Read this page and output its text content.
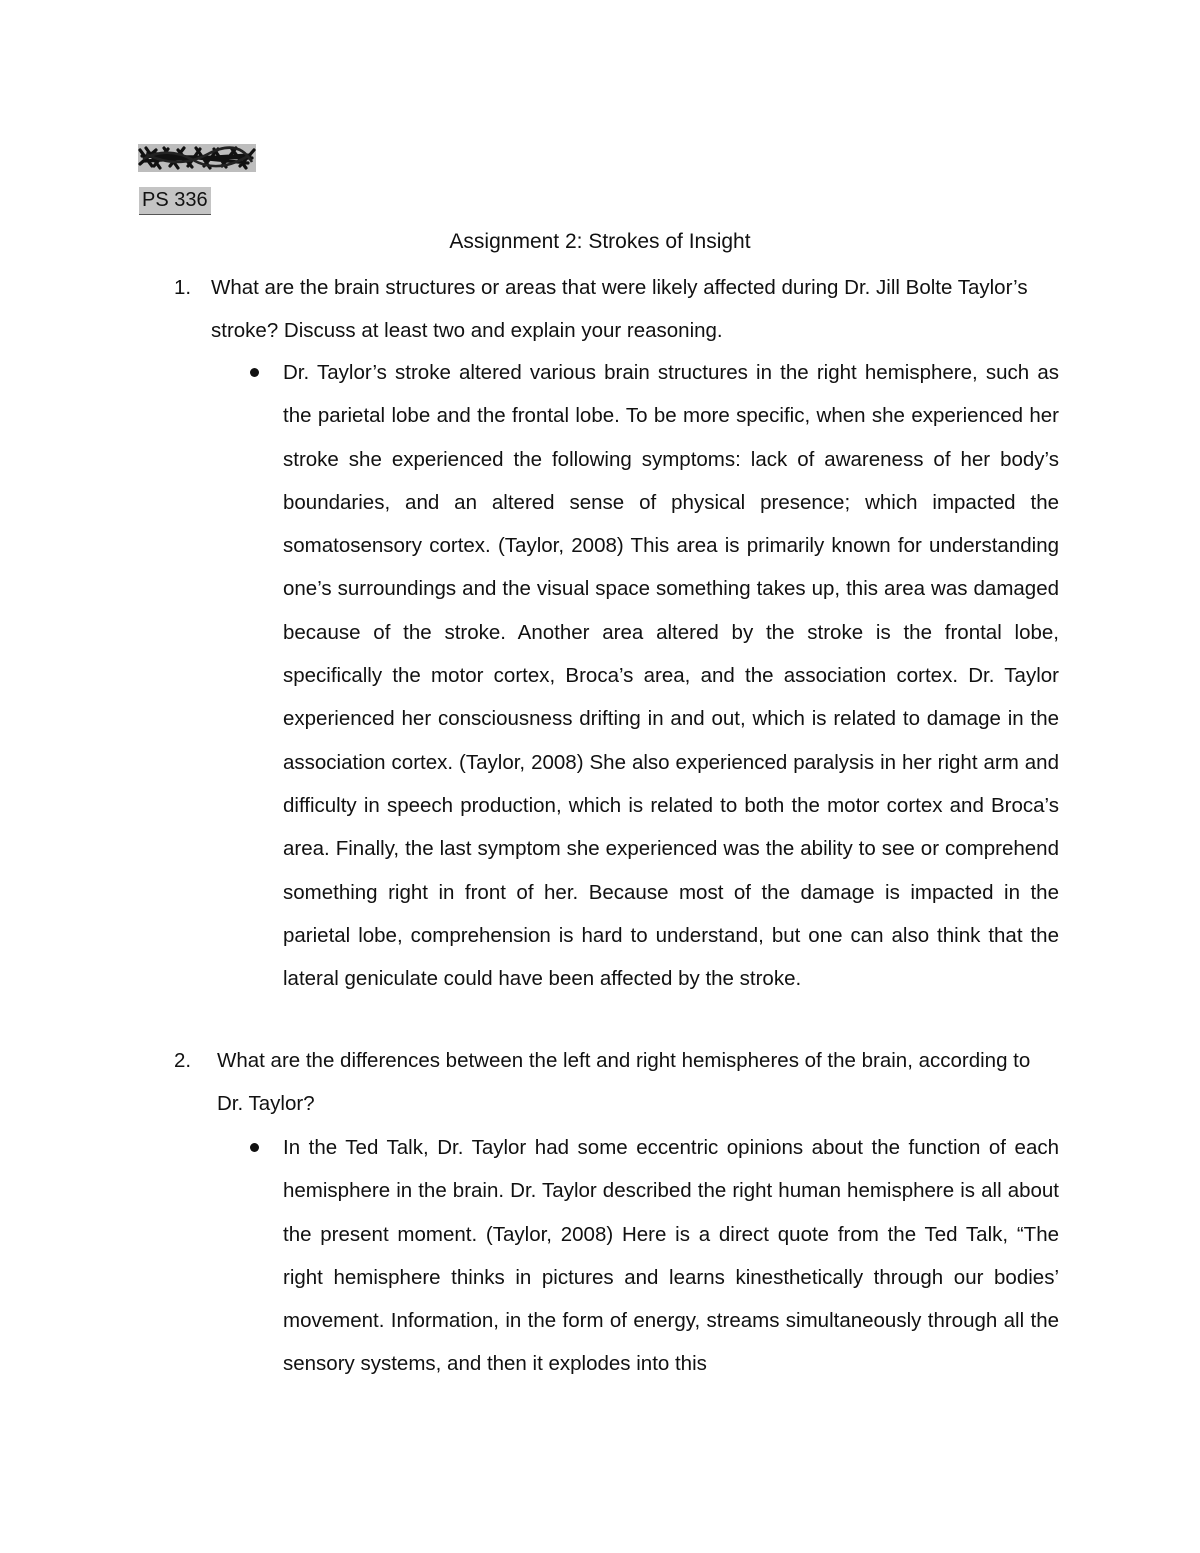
PS 336
Assignment 2: Strokes of Insight
1. What are the brain structures or areas that were likely affected during Dr. Jill Bolte Taylor’s stroke? Discuss at least two and explain your reasoning.
Dr. Taylor’s stroke altered various brain structures in the right hemisphere, such as the parietal lobe and the frontal lobe. To be more specific, when she experienced her stroke she experienced the following symptoms: lack of awareness of her body’s boundaries, and an altered sense of physical presence; which impacted the somatosensory cortex. (Taylor, 2008) This area is primarily known for understanding one’s surroundings and the visual space something takes up, this area was damaged because of the stroke. Another area altered by the stroke is the frontal lobe, specifically the motor cortex, Broca’s area, and the association cortex. Dr. Taylor experienced her consciousness drifting in and out, which is related to damage in the association cortex. (Taylor, 2008) She also experienced paralysis in her right arm and difficulty in speech production, which is related to both the motor cortex and Broca’s area. Finally, the last symptom she experienced was the ability to see or comprehend something right in front of her. Because most of the damage is impacted in the parietal lobe, comprehension is hard to understand, but one can also think that the lateral geniculate could have been affected by the stroke.
2. What are the differences between the left and right hemispheres of the brain, according to Dr. Taylor?
In the Ted Talk, Dr. Taylor had some eccentric opinions about the function of each hemisphere in the brain. Dr. Taylor described the right human hemisphere is all about the present moment. (Taylor, 2008) Here is a direct quote from the Ted Talk, “The right hemisphere thinks in pictures and learns kinesthetically through our bodies’ movement. Information, in the form of energy, streams simultaneously through all the sensory systems, and then it explodes into this
